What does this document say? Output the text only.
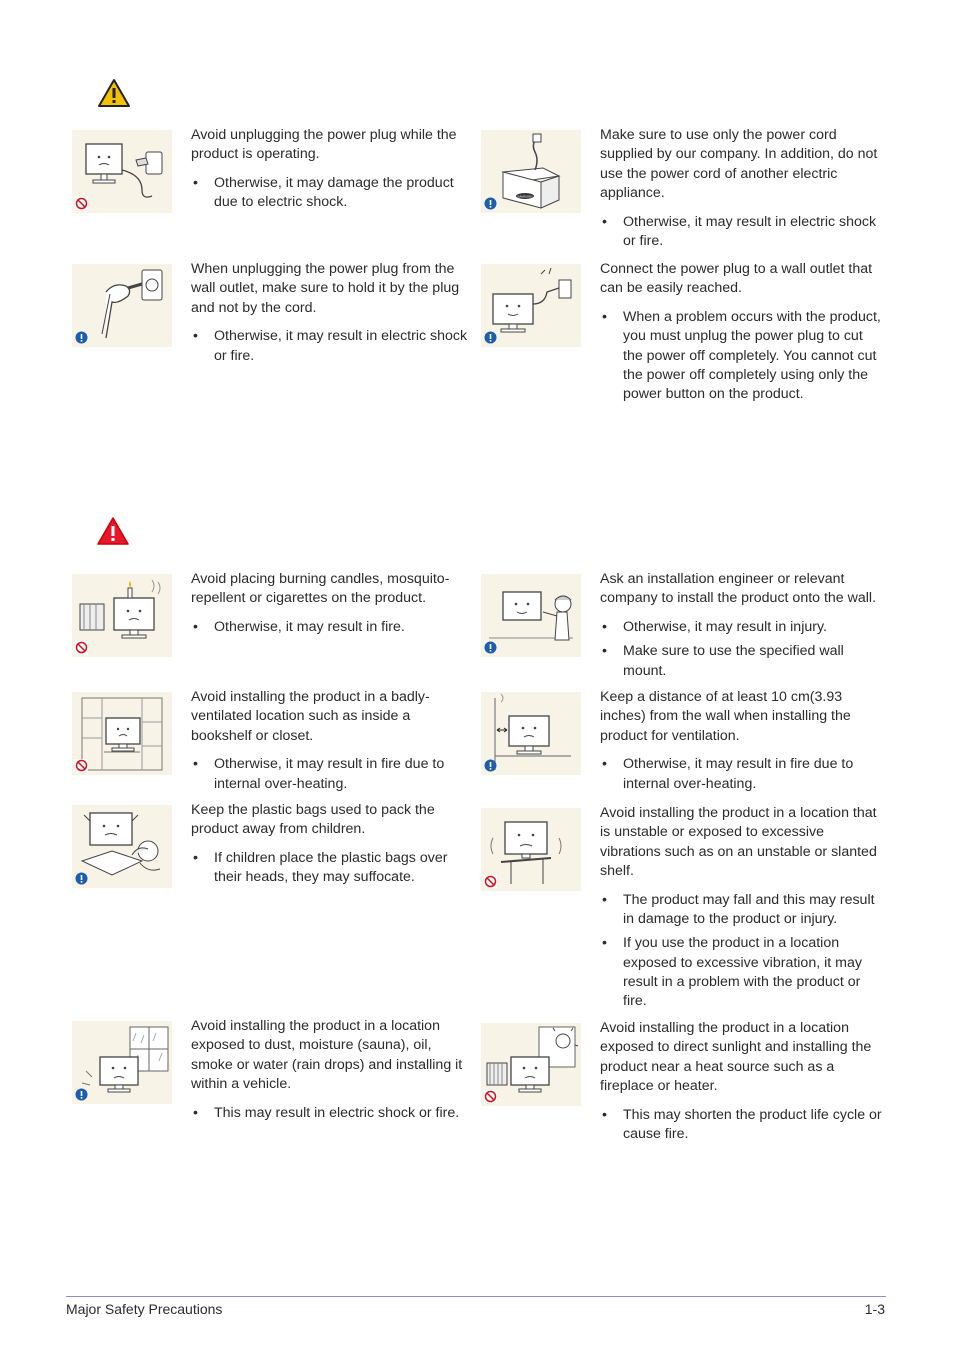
Avoid unplugging the power plug while the product is operating.

• Otherwise, it may damage the product due to electric shock.	SAMSUNG

Make sure to use only the power cord supplied by our company. In addition, do not use the power cord of another electric appliance.

• Otherwise, it may result in electric shock or fire.

When unplugging the power plug from the wall outlet, make sure to hold it by the plug and not by the cord.

• Otherwise, it may result in electric shock or fire.

Connect the power plug to a wall outlet that can be easily reached.

• When a problem occurs with the product, you must unplug the power plug to cut the power off completely. You cannot cut the power off completely using only the power button on the product.

Avoid placing burning candles, mosquito-repellent or cigarettes on the product.

• Otherwise, it may result in fire.

Ask an installation engineer or relevant company to install the product onto the wall.

• Otherwise, it may result in injury.
• Make sure to use the specified wall mount.

Avoid installing the product in a badly-ventilated location such as inside a bookshelf or closet.

• Otherwise, it may result in fire due to internal over-heating.

Keep a distance of at least 10 cm(3.93 inches) from the wall when installing the product for ventilation.

• Otherwise, it may result in fire due to internal over-heating.

Keep the plastic bags used to pack the product away from children.

• If children place the plastic bags over their heads, they may suffocate.

Avoid installing the product in a location that is unstable or exposed to excessive vibrations such as on an unstable or slanted shelf.

• The product may fall and this may result in damage to the product or injury.
• If you use the product in a location exposed to excessive vibration, it may result in a problem with the product or fire.

Avoid installing the product in a location exposed to dust, moisture (sauna), oil, smoke or water (rain drops) and installing it within a vehicle.

• This may result in electric shock or fire.

Avoid installing the product in a location exposed to direct sunlight and installing the product near a heat source such as a fireplace or heater.

• This may shorten the product life cycle or cause fire.
Major Safety Precautions	1-3
